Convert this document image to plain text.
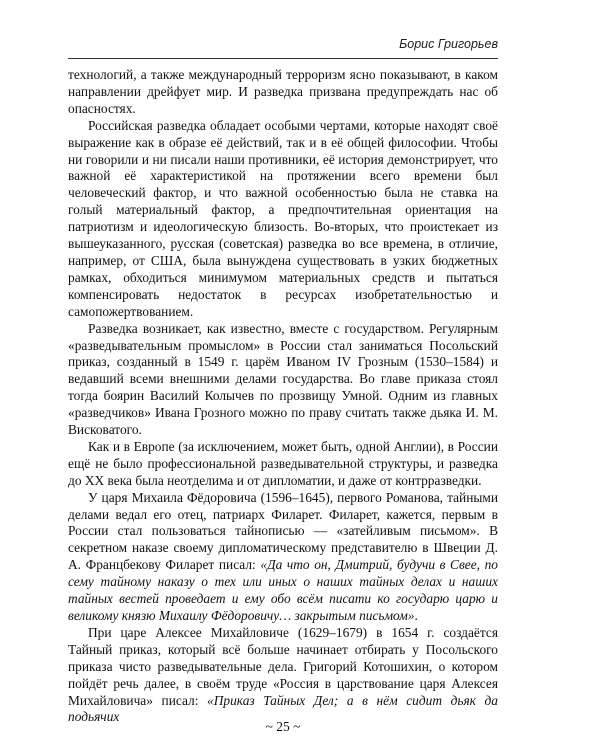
Борис Григорьев

технологий, а также международный терроризм ясно показывают, в каком направлении дрейфует мир. И разведка призвана предупреждать нас об опасностях.

Российская разведка обладает особыми чертами, которые находят своё выражение как в образе её действий, так и в её общей философии. Чтобы ни говорили и ни писали наши противники, её история демонстрирует, что важной её характеристикой на протяжении всего времени был человеческий фактор, и что важной особенностью была не ставка на голый материальный фактор, а предпочтительная ориентация на патриотизм и идеологическую близость. Во-вторых, что проистекает из вышеуказанного, русская (советская) разведка во все времена, в отличие, например, от США, была вынуждена существовать в узких бюджетных рамках, обходиться минимумом материальных средств и пытаться компенсировать недостаток в ресурсах изобретательностью и самопожертвованием.

Разведка возникает, как известно, вместе с государством. Регулярным «разведывательным промыслом» в России стал заниматься Посольский приказ, созданный в 1549 г. царём Иваном IV Грозным (1530–1584) и ведавший всеми внешними делами государства. Во главе приказа стоял тогда боярин Василий Колычев по прозвищу Умной. Одним из главных «разведчиков» Ивана Грозного можно по праву считать также дьяка И. М. Висковатого.

Как и в Европе (за исключением, может быть, одной Англии), в России ещё не было профессиональной разведывательной структуры, и разведка до XX века была неотделима и от дипломатии, и даже от контрразведки.

У царя Михаила Фёдоровича (1596–1645), первого Романова, тайными делами ведал его отец, патриарх Филарет. Филарет, кажется, первым в России стал пользоваться тайнописью — «затейливым письмом». В секретном наказе своему дипломатическому представителю в Швеции Д. А. Францбекову Филарет писал: «Да что он, Дмитрий, будучи в Свее, по сему тайному наказу о тех или иных о наших тайных делах и наших тайных вестей проведает и ему обо всём писати ко государю царю и великому князю Михаилу Фёдоровичу… закрытым письмом».

При царе Алексее Михайловиче (1629–1679) в 1654 г. создаётся Тайный приказ, который всё больше начинает отбирать у Посольского приказа чисто разведывательные дела. Григорий Котошихин, о котором пойдёт речь далее, в своём труде «Россия в царствование царя Алексея Михайловича» писал: «Приказ Тайных Дел; а в нём сидит дьяк да подьячих

~ 25 ~
